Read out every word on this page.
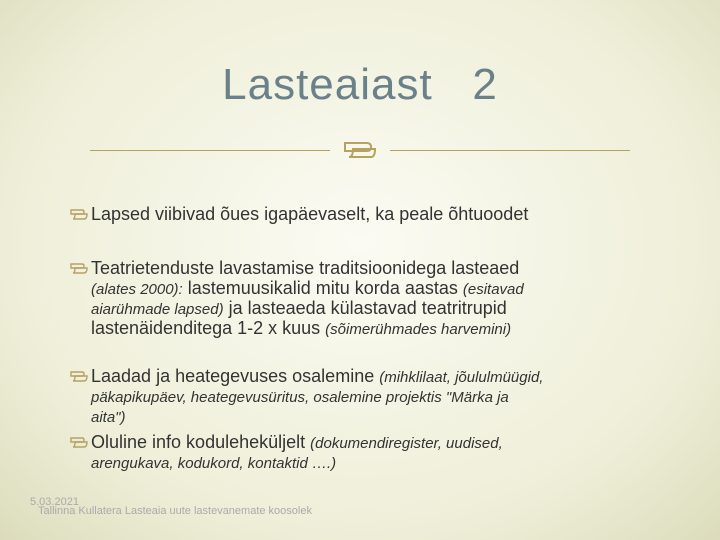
Lasteaiast   2
Lapsed viibivad õues igapäevaselt, ka peale õhtuoodet
Teatrietenduste lavastamise traditsioonidega lasteaed
(alates 2000): lastemuusikalid mitu korda aastas (esitavad
aiarühmade lapsed) ja lasteaeda külastavad teatritrupid
lastenäidenditega 1-2 x kuus (sõimerühmades harvemini)
Laadad ja heategevuses osalemine (mihklilaat, jõululmüügid,
päkapikupäev, heategevusüritus, osalemine projektis "Märka ja
aita")
Oluline info koduleheküljelt (dokumendiregister, uudised,
arengukava, kodukord, kontaktid ….)
5.03.2021
Tallinna Kullatera Lasteaia uute lastevanemate koosolek
